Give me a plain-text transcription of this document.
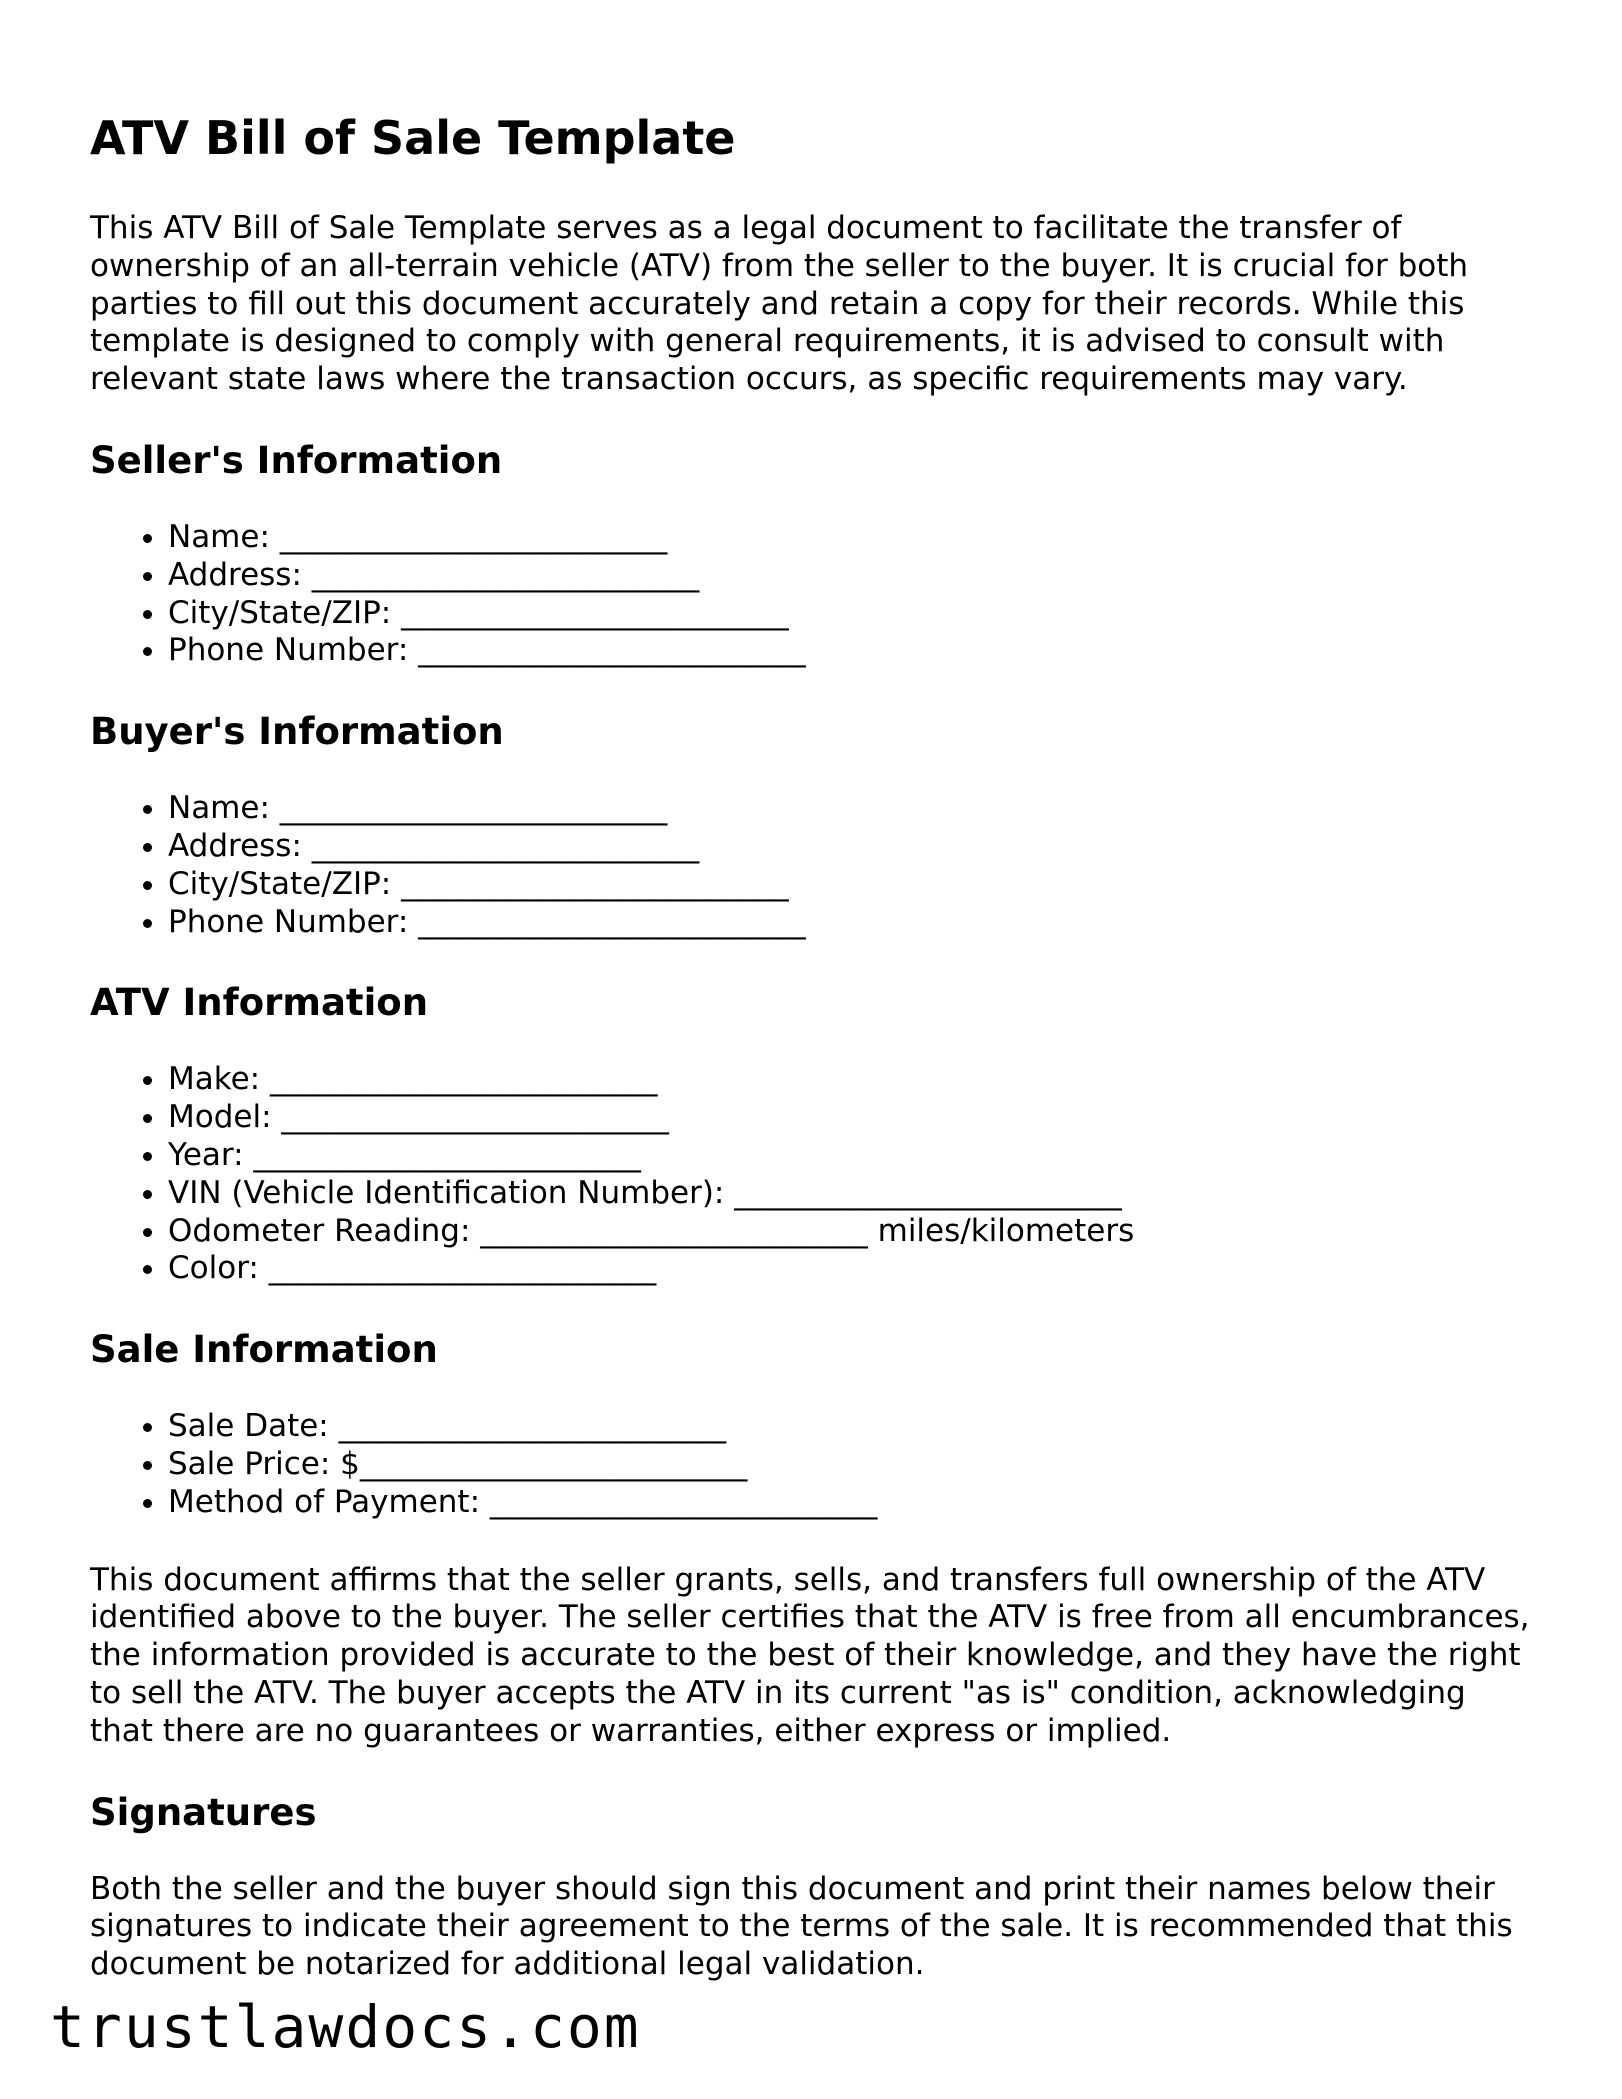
ATV Bill of Sale Template

This ATV Bill of Sale Template serves as a legal document to facilitate the transfer of ownership of an all-terrain vehicle (ATV) from the seller to the buyer. It is crucial for both parties to fill out this document accurately and retain a copy for their records. While this template is designed to comply with general requirements, it is advised to consult with relevant state laws where the transaction occurs, as specific requirements may vary.

Seller's Information
• Name: _________________________
• Address: _________________________
• City/State/ZIP: _________________________
• Phone Number: _________________________
Buyer's Information
• Name: _________________________
• Address: _________________________
• City/State/ZIP: _________________________
• Phone Number: _________________________
ATV Information
• Make: _________________________
• Model: _________________________
• Year: _________________________
• VIN (Vehicle Identification Number): _________________________
• Odometer Reading: _________________________ miles/kilometers
• Color: _________________________
Sale Information
• Sale Date: _________________________
• Sale Price: $_________________________
• Method of Payment: _________________________

This document affirms that the seller grants, sells, and transfers full ownership of the ATV identified above to the buyer. The seller certifies that the ATV is free from all encumbrances, the information provided is accurate to the best of their knowledge, and they have the right to sell the ATV. The buyer accepts the ATV in its current "as is" condition, acknowledging that there are no guarantees or warranties, either express or implied.

Signatures

Both the seller and the buyer should sign this document and print their names below their signatures to indicate their agreement to the terms of the sale. It is recommended that this document be notarized for additional legal validation.

trustlawdocs.com
